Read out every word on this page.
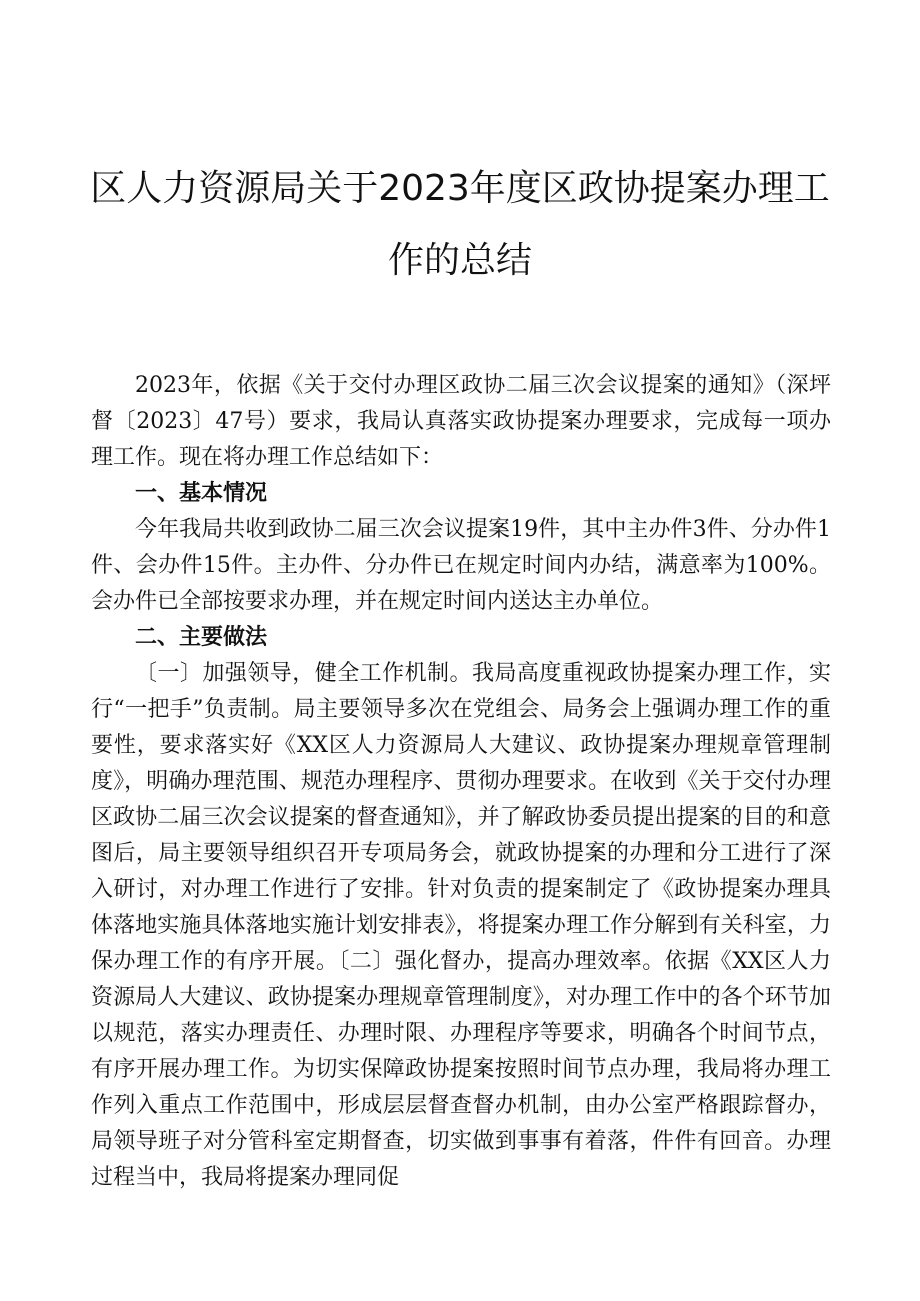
区人力资源局关于2023年度区政协提案办理工
作的总结

2023年，依据《关于交付办理区政协二届三次会议提案的通知》（深坪督〔2023〕47号）要求，我局认真落实政协提案办理要求，完成每一项办理工作。现在将办理工作总结如下：

一、基本情况

今年我局共收到政协二届三次会议提案19件，其中主办件3件、分办件1件、会办件15件。主办件、分办件已在规定时间内办结，满意率为100%。会办件已全部按要求办理，并在规定时间内送达主办单位。

二、主要做法

〔一〕加强领导，健全工作机制。我局高度重视政协提案办理工作，实行“一把手”负责制。局主要领导多次在党组会、局务会上强调办理工作的重要性，要求落实好《XX区人力资源局人大建议、政协提案办理规章管理制度》，明确办理范围、规范办理程序、贯彻办理要求。在收到《关于交付办理区政协二届三次会议提案的督查通知》，并了解政协委员提出提案的目的和意图后，局主要领导组织召开专项局务会，就政协提案的办理和分工进行了深入研讨，对办理工作进行了安排。针对负责的提案制定了《政协提案办理具体落地实施具体落地实施计划安排表》，将提案办理工作分解到有关科室，力保办理工作的有序开展。〔二〕强化督办，提高办理效率。依据《XX区人力资源局人大建议、政协提案办理规章管理制度》，对办理工作中的各个环节加以规范，落实办理责任、办理时限、办理程序等要求，明确各个时间节点，有序开展办理工作。为切实保障政协提案按照时间节点办理，我局将办理工作列入重点工作范围中，形成层层督查督办机制，由办公室严格跟踪督办，局领导班子对分管科室定期督查，切实做到事事有着落，件件有回音。办理过程当中，我局将提案办理同促
